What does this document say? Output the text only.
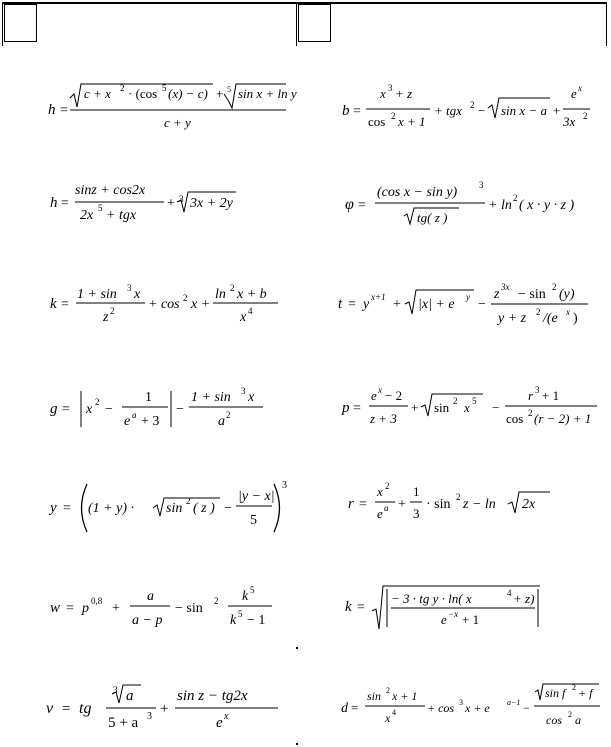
h =
c + x 2 · (cos 5 (x) − c) + 5 sin x + ln y
c + y
b =
x 3 + z
cos 2 x + 1
+ tgx 2 − sin x − a +
e x
3x 2
h =
sinz + cos2x
2x 5 + tgx
+ 3 3x + 2y	φ =
(cos x − sin y) 3
tg( z )
+ ln 2 ( x · y · z )
k =
1 + sin 3 x
z 2 + cos 2 x +
ln 2 x + b
x 4	t = y x+1 + |x| + e y −
z 3x − sin 2 (y)
y + z 2 /(e x )
g = x 2 −
1
e a + 3
−
1 + sin 3 x
a 2	p =
e x − 2
z + 3
+ sin 2 x 5 −
r 3 + 1
cos 2 (r − 2) + 1
y = (1 + y) · sin 2 ( z ) −
|y − x|
5
3
r =
x 2
e a +
1
3
· sin 2 z − ln 2x
w = p 0,8 +
a
a − p
− sin 2 k 5
k 5 − 1
k =
− 3 · tg y · ln( x	4 + z)
e −x + 1
v = tg
3 a
5 + a 3 +
sin z − tg2x
e x
d =
sin 2 x + 1
x 4	+ cos 3 x + e a−1 −
sin f 2 + f
cos 2 a
